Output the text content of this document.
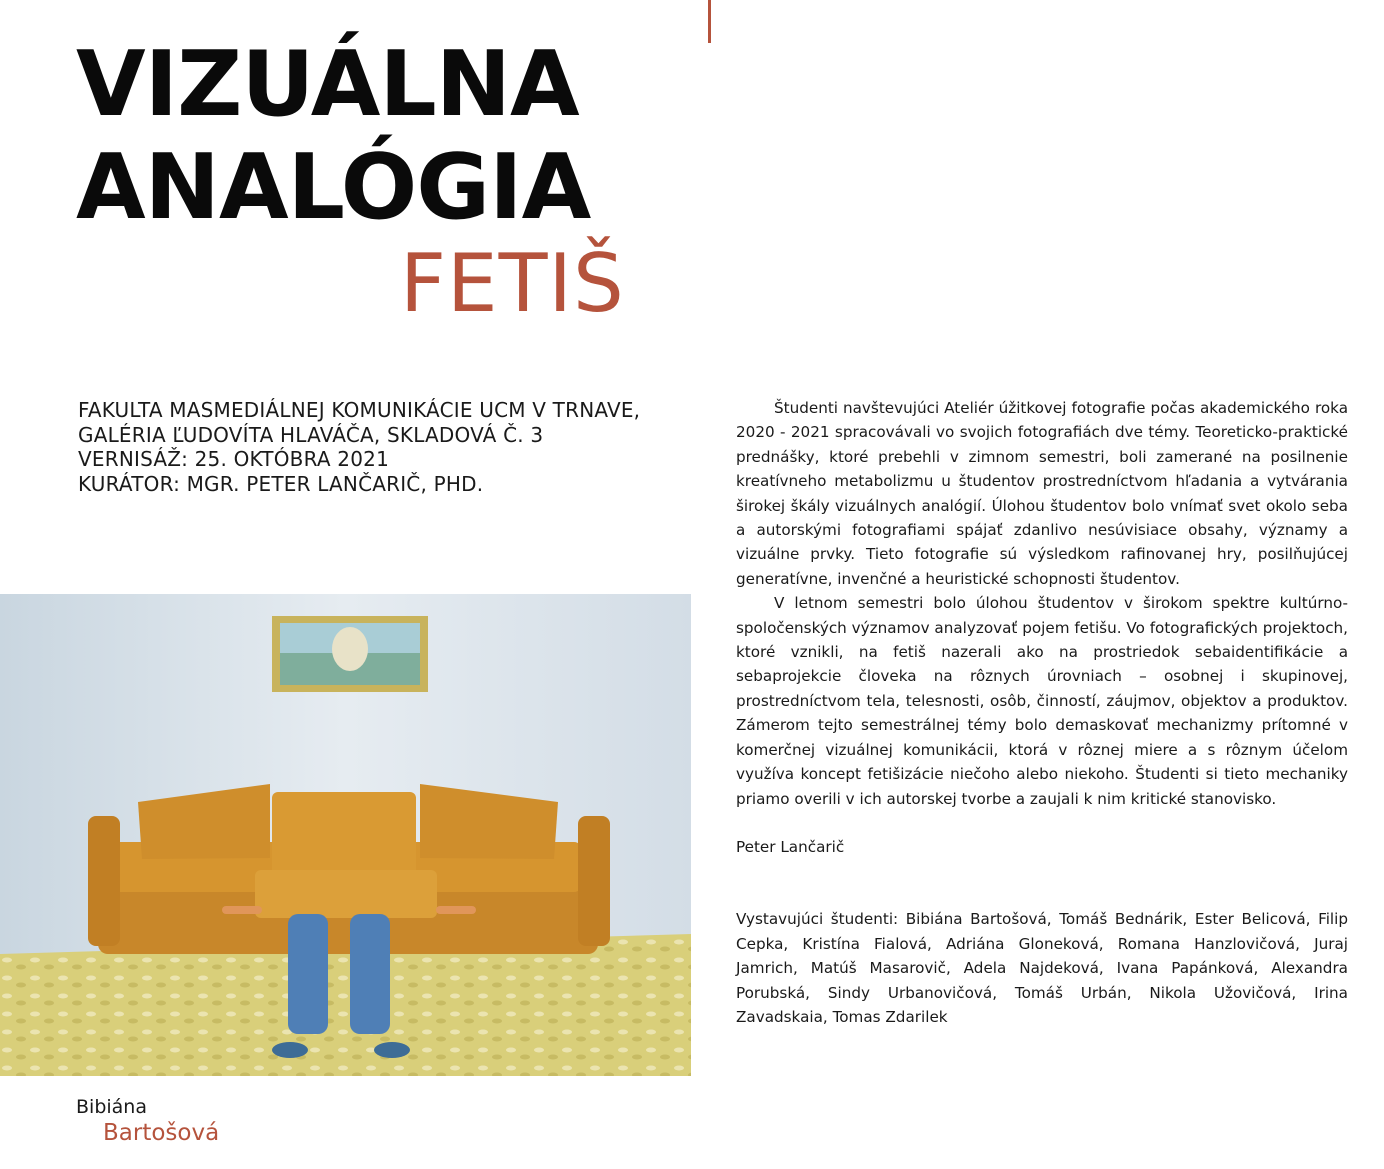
VIZUÁLNA
ANALÓGIA
FETIŠ
FAKULTA MASMEDIÁLNEJ KOMUNIKÁCIE UCM V TRNAVE,
GALÉRIA ĽUDOVÍTA HLAVÁČA, SKLADOVÁ Č. 3
VERNISÁŽ: 25. OKTÓBRA 2021
KURÁTOR: MGR. PETER LANČARIČ, PHD.
Bibiána
Bartošová

Študenti navštevujúci Ateliér úžitkovej fotografie počas akademického roka 2020 - 2021 spracovávali vo svojich fotografiách dve témy. Teoreticko-praktické prednášky, ktoré prebehli v zimnom semestri, boli zamerané na posilnenie kreatívneho metabolizmu u študentov prostredníctvom hľadania a vytvárania širokej škály vizuálnych analógií. Úlohou študentov bolo vnímať svet okolo seba a autorskými fotografiami spájať zdanlivo nesúvisiace obsahy, významy a vizuálne prvky. Tieto fotografie sú výsledkom rafinovanej hry, posilňujúcej generatívne, invenčné a heuristické schopnosti študentov.

V letnom semestri bolo úlohou študentov v širokom spektre kultúrno-spoločenských významov analyzovať pojem fetišu. Vo fotografických projektoch, ktoré vznikli, na fetiš nazerali ako na prostriedok sebaidentifikácie a sebaprojekcie človeka na rôznych úrovniach – osobnej i skupinovej, prostredníctvom tela, telesnosti, osôb, činností, záujmov, objektov a produktov. Zámerom tejto semestrálnej témy bolo demaskovať mechanizmy prítomné v komerčnej vizuálnej komunikácii, ktorá v rôznej miere a s rôznym účelom využíva koncept fetišizácie niečoho alebo niekoho. Študenti si tieto mechaniky priamo overili v ich autorskej tvorbe a zaujali k nim kritické stanovisko.

Peter Lančarič

Vystavujúci študenti: Bibiána Bartošová, Tomáš Bednárik, Ester Belicová, Filip Cepka, Kristína Fialová, Adriána Gloneková, Romana Hanzlovičová, Juraj Jamrich, Matúš Masarovič, Adela Najdeková, Ivana Papánková, Alexandra Porubská, Sindy Urbanovičová, Tomáš Urbán, Nikola Užovičová, Irina Zavadskaia, Tomas Zdarilek
